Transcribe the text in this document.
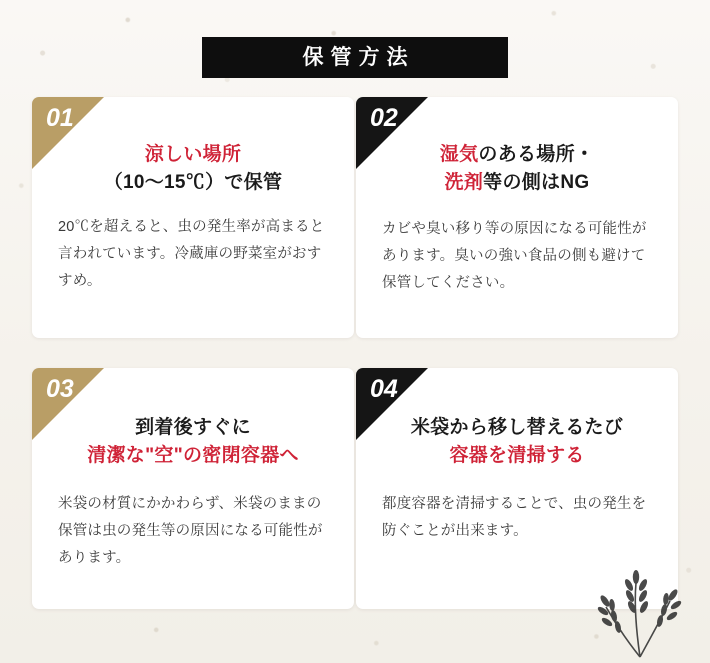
保管方法
01
涼しい場所
（10〜15℃）で保管
20℃を超えると、虫の発生率が高まると言われています。冷蔵庫の野菜室がおすすめ。
02
湿気のある場所・
洗剤等の側はNG
カビや臭い移り等の原因になる可能性があります。臭いの強い食品の側も避けて保管してください。
03
到着後すぐに
清潔な"空"の密閉容器へ
米袋の材質にかかわらず、米袋のままの保管は虫の発生等の原因になる可能性があります。
04
米袋から移し替えるたび
容器を清掃する
都度容器を清掃することで、虫の発生を防ぐことが出来ます。
